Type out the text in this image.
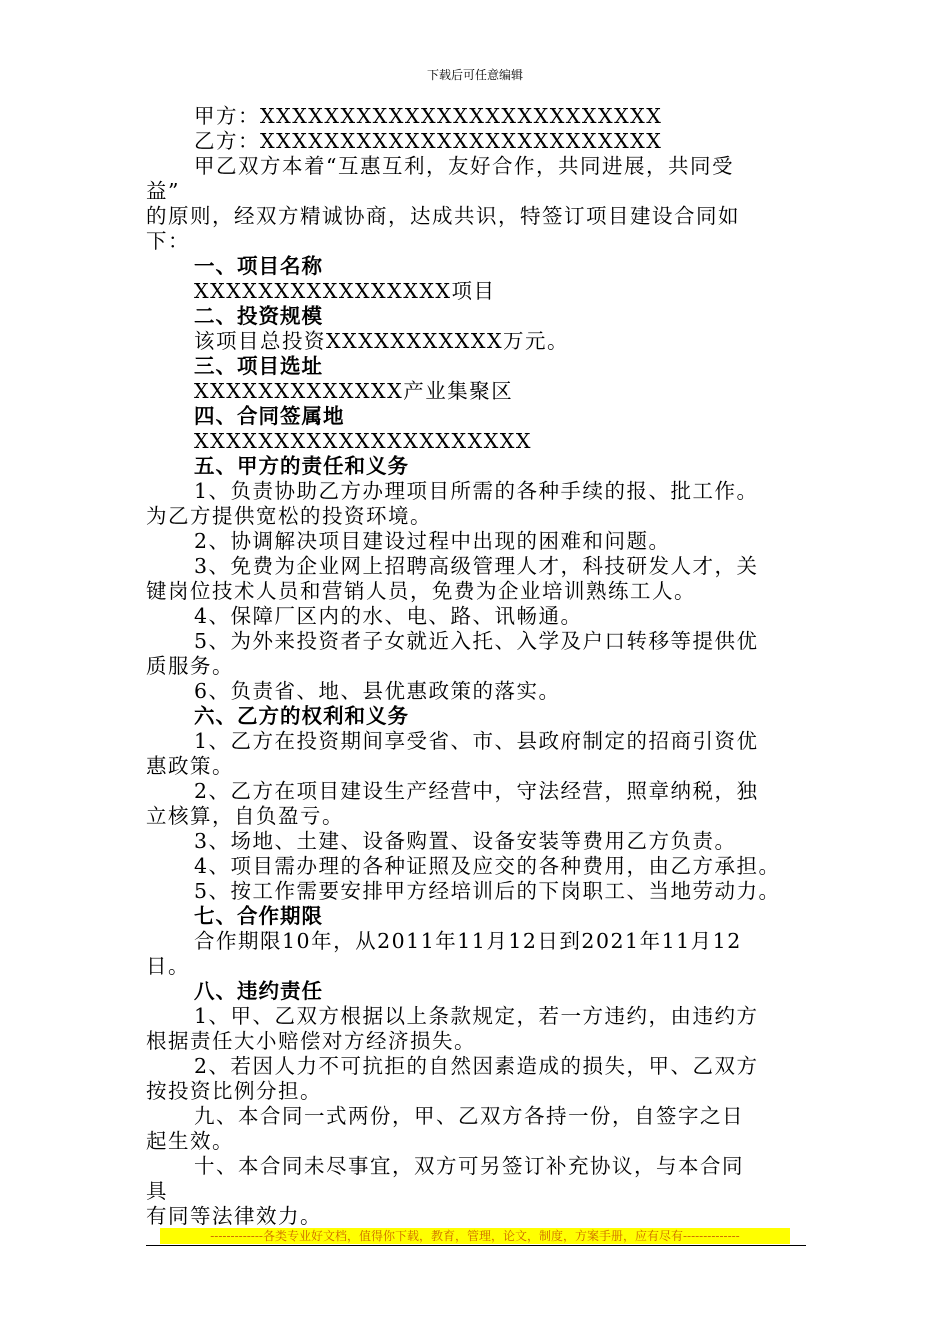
下载后可任意编辑
甲方：XXXXXXXXXXXXXXXXXXXXXXXXX
乙方：XXXXXXXXXXXXXXXXXXXXXXXXX
甲乙双方本着“互惠互利，友好合作，共同进展，共同受
益”
的原则，经双方精诚协商，达成共识，特签订项目建设合同如
下：
一、项目名称
XXXXXXXXXXXXXXXX项目
二、投资规模
该项目总投资XXXXXXXXXXX万元。
三、项目选址
XXXXXXXXXXXXX产业集聚区
四、合同签属地
XXXXXXXXXXXXXXXXXXXXX
五、甲方的责任和义务
1、负责协助乙方办理项目所需的各种手续的报、批工作。
为乙方提供宽松的投资环境。
2、协调解决项目建设过程中出现的困难和问题。
3、免费为企业网上招聘高级管理人才，科技研发人才，关
键岗位技术人员和营销人员，免费为企业培训熟练工人。
4、保障厂区内的水、电、路、讯畅通。
5、为外来投资者子女就近入托、入学及户口转移等提供优
质服务。
6、负责省、地、县优惠政策的落实。
六、乙方的权利和义务
1、乙方在投资期间享受省、市、县政府制定的招商引资优
惠政策。
2、乙方在项目建设生产经营中，守法经营，照章纳税，独
立核算，自负盈亏。
3、场地、土建、设备购置、设备安装等费用乙方负责。
4、项目需办理的各种证照及应交的各种费用，由乙方承担。
5、按工作需要安排甲方经培训后的下岗职工、当地劳动力。
七、合作期限
合作期限10年，从2011年11月12日到2021年11月12
日。
八、违约责任
1、甲、乙双方根据以上条款规定，若一方违约，由违约方
根据责任大小赔偿对方经济损失。
2、若因人力不可抗拒的自然因素造成的损失，甲、乙双方
按投资比例分担。
九、本合同一式两份，甲、乙双方各持一份，自签字之日
起生效。
十、本合同未尽事宜，双方可另签订补充协议，与本合同
具
有同等法律效力。
-------------各类专业好文档，值得你下载，教育，管理，论文，制度，方案手册，应有尽有--------------
